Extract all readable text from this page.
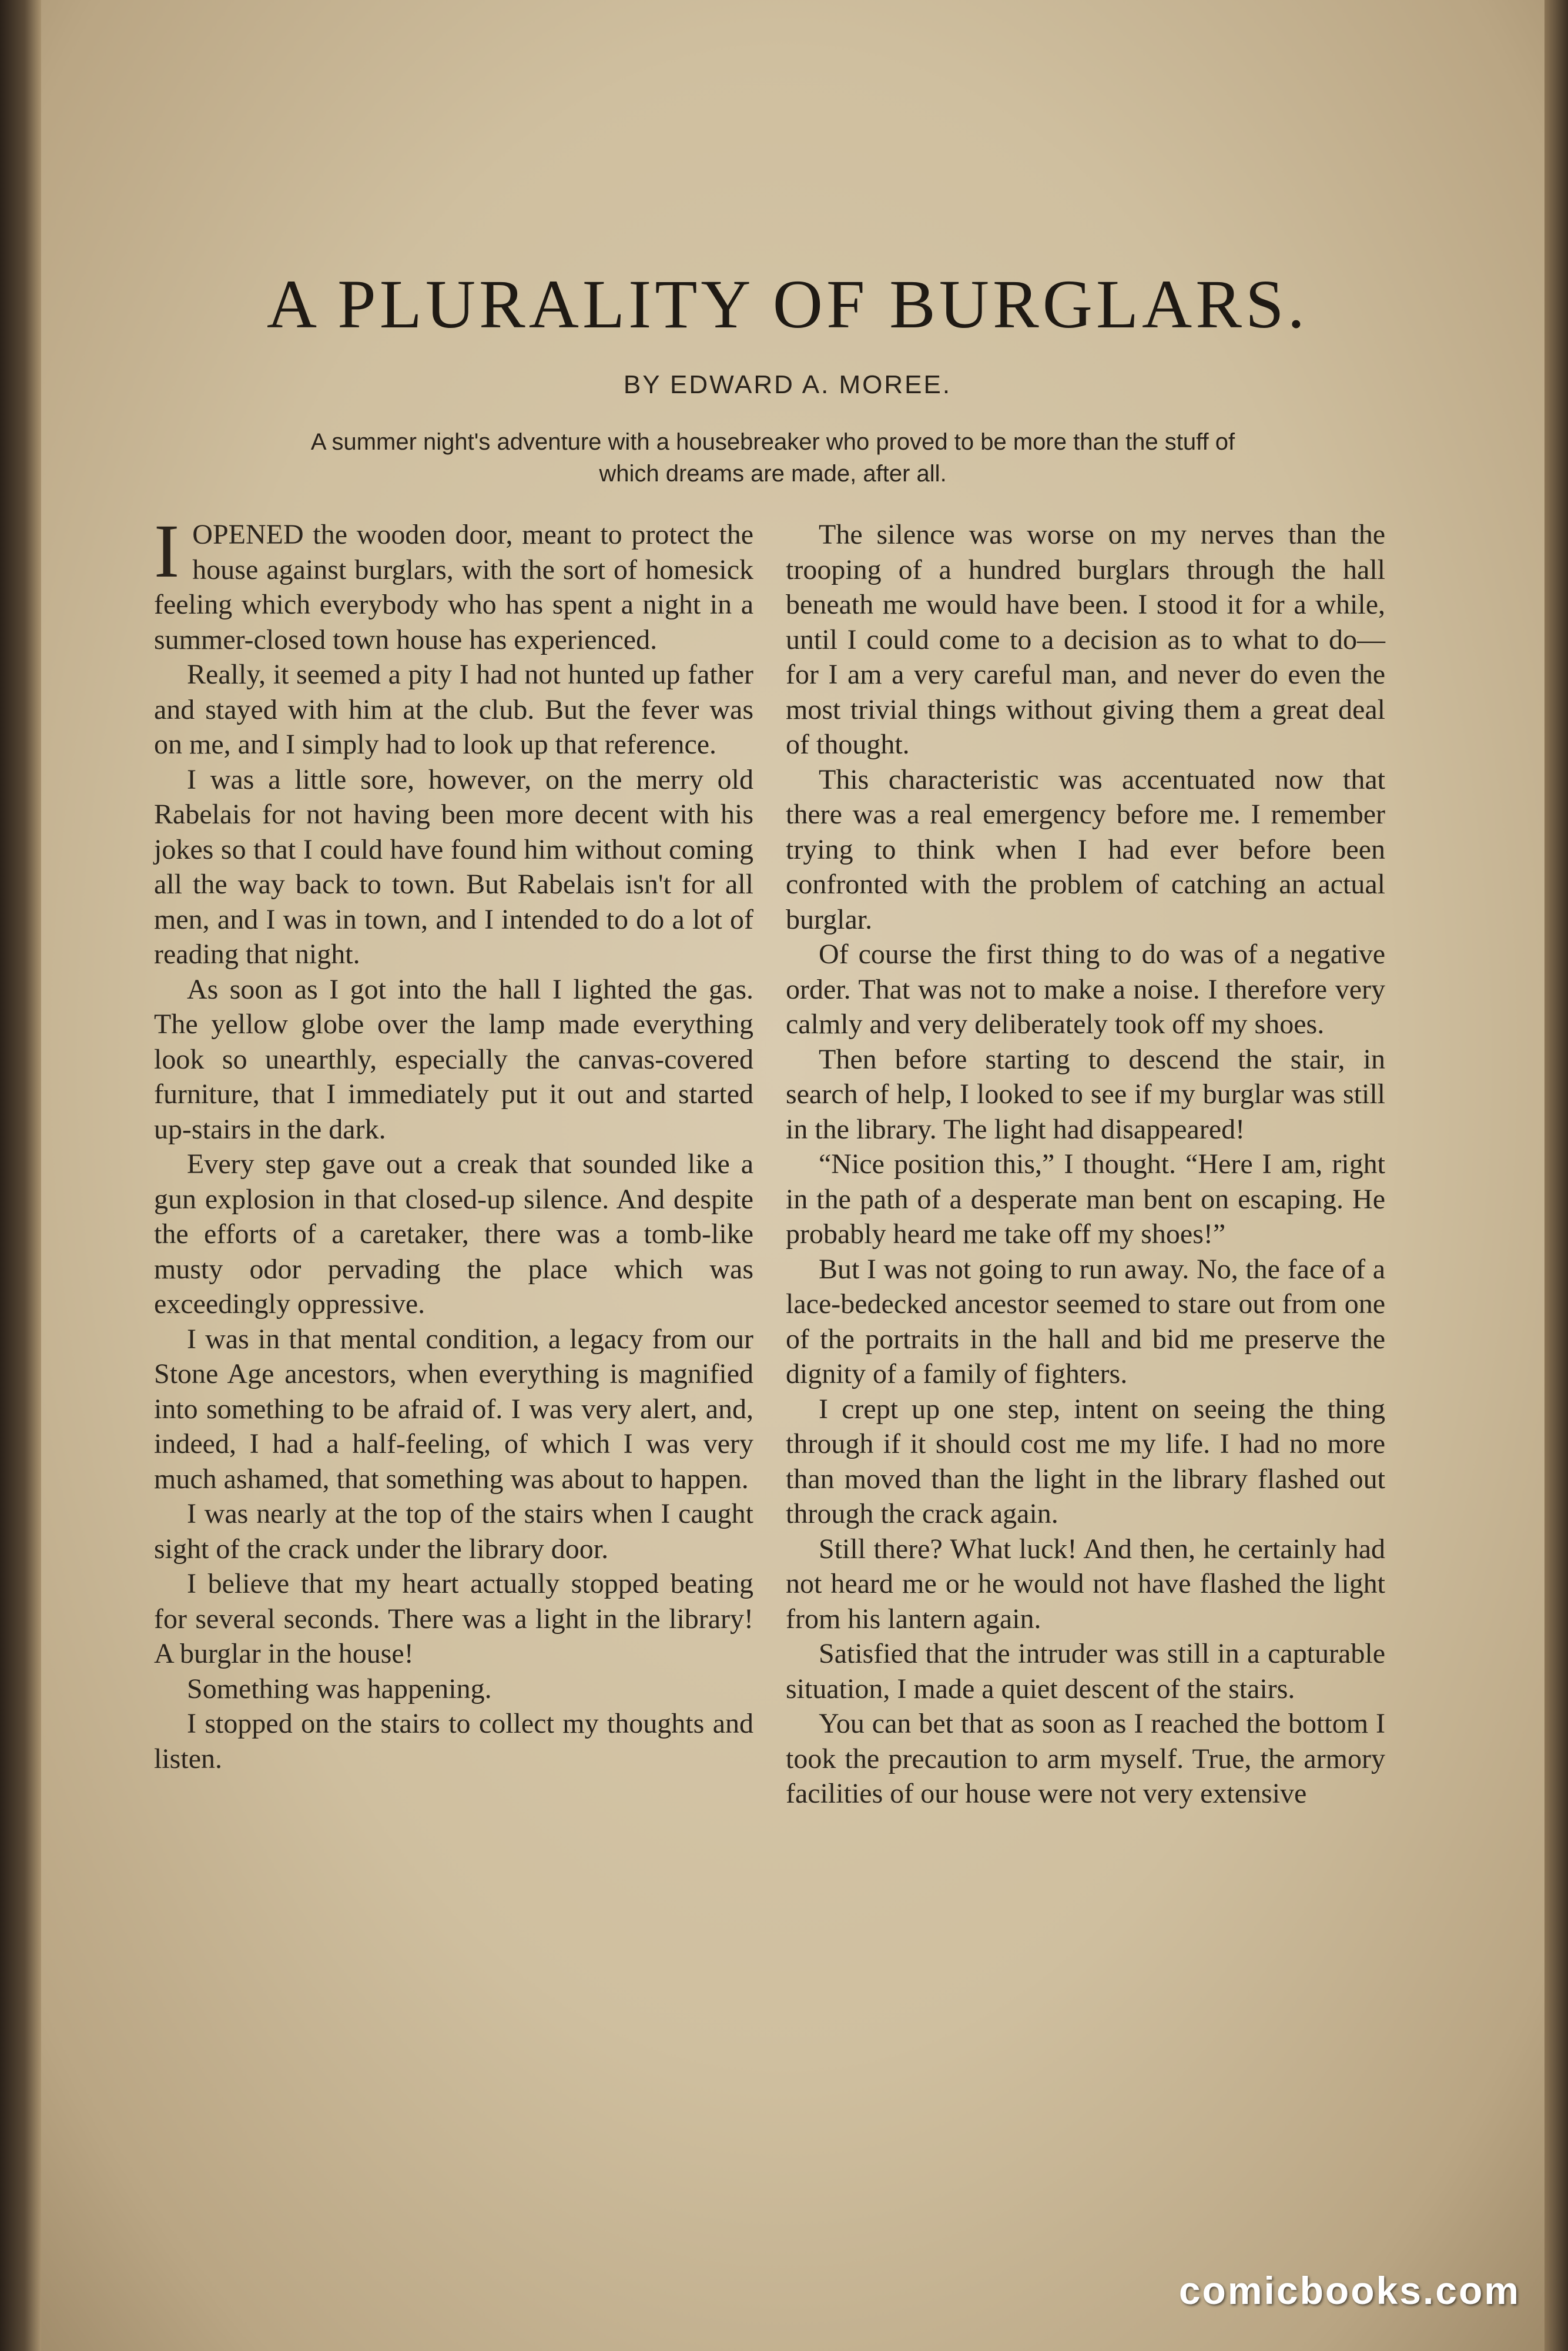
A PLURALITY OF BURGLARS.
BY EDWARD A. MOREE.
A summer night's adventure with a housebreaker who proved to be more than the stuff of
which dreams are made, after all.

IOPENED the wooden door, meant to protect the house against burglars, with the sort of homesick feeling which everybody who has spent a night in a summer-closed town house has experienced.

Really, it seemed a pity I had not hunted up father and stayed with him at the club. But the fever was on me, and I simply had to look up that reference.

I was a little sore, however, on the merry old Rabelais for not having been more decent with his jokes so that I could have found him without coming all the way back to town. But Rabelais isn't for all men, and I was in town, and I intended to do a lot of reading that night.

As soon as I got into the hall I lighted the gas. The yellow globe over the lamp made everything look so unearthly, especially the canvas-covered furniture, that I immediately put it out and started up-stairs in the dark.

Every step gave out a creak that sounded like a gun explosion in that closed-up silence. And despite the efforts of a caretaker, there was a tomb-like musty odor pervading the place which was exceedingly oppressive.

I was in that mental condition, a legacy from our Stone Age ancestors, when everything is magnified into something to be afraid of. I was very alert, and, indeed, I had a half-feeling, of which I was very much ashamed, that something was about to happen.

I was nearly at the top of the stairs when I caught sight of the crack under the library door.

I believe that my heart actually stopped beating for several seconds. There was a light in the library! A burglar in the house!

Something was happening.

I stopped on the stairs to collect my thoughts and listen.

The silence was worse on my nerves than the trooping of a hundred burglars through the hall beneath me would have been. I stood it for a while, until I could come to a decision as to what to do—for I am a very careful man, and never do even the most trivial things without giving them a great deal of thought.

This characteristic was accentuated now that there was a real emergency before me. I remember trying to think when I had ever before been confronted with the problem of catching an actual burglar.

Of course the first thing to do was of a negative order. That was not to make a noise. I therefore very calmly and very deliberately took off my shoes.

Then before starting to descend the stair, in search of help, I looked to see if my burglar was still in the library. The light had disappeared!

“Nice position this,” I thought. “Here I am, right in the path of a desperate man bent on escaping. He probably heard me take off my shoes!”

But I was not going to run away. No, the face of a lace-bedecked ancestor seemed to stare out from one of the portraits in the hall and bid me preserve the dignity of a family of fighters.

I crept up one step, intent on seeing the thing through if it should cost me my life. I had no more than moved than the light in the library flashed out through the crack again.

Still there? What luck! And then, he certainly had not heard me or he would not have flashed the light from his lantern again.

Satisfied that the intruder was still in a capturable situation, I made a quiet descent of the stairs.

You can bet that as soon as I reached the bottom I took the precaution to arm myself. True, the armory facilities of our house were not very extensive

comicbooks.com
